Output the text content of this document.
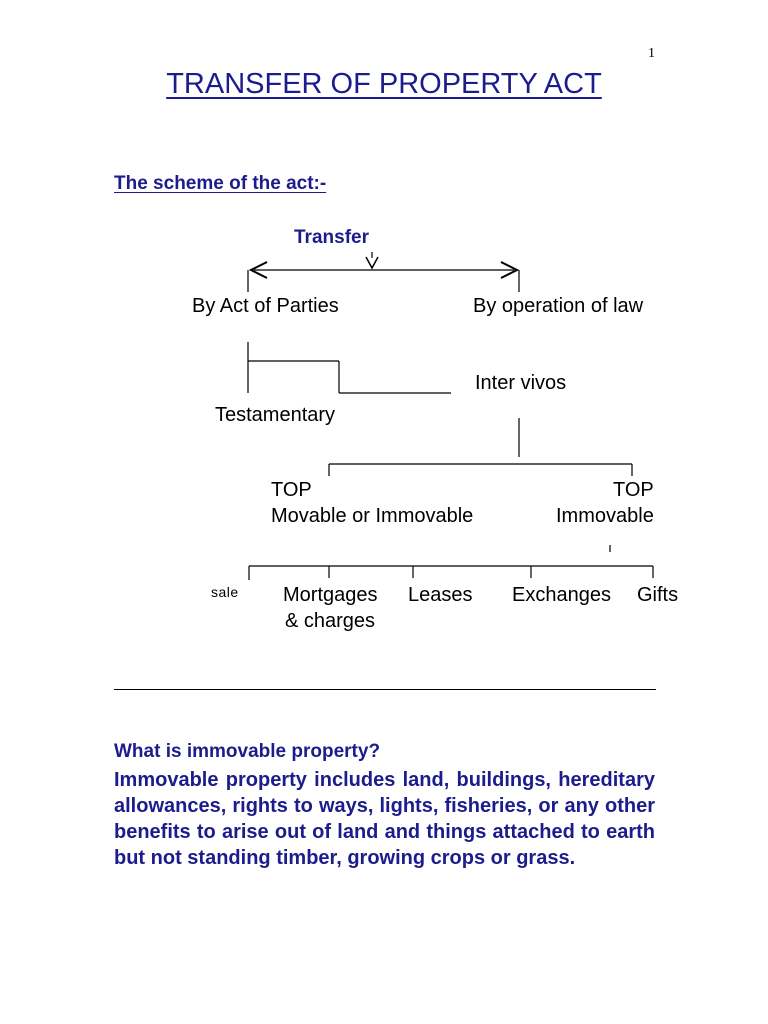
1
TRANSFER OF PROPERTY ACT
The scheme of the act:-
Transfer
By Act of Parties	By operation of law
Inter vivos
Testamentary
TOP
Movable or Immovable
TOP
Immovable
sale Mortgages
& charges
Leases Exchanges Gifts
What is immovable property?

Immovable property includes land, buildings, hereditary allowances, rights to ways, lights, fisheries, or any other benefits to arise out of land and things attached to earth but not standing timber, growing crops or grass.
